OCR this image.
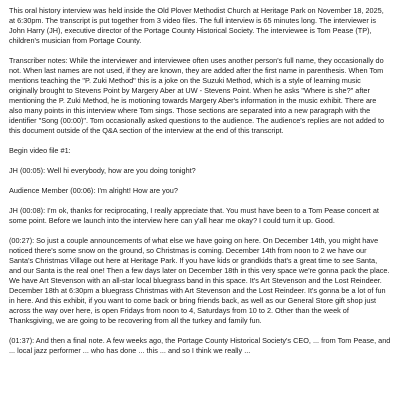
This oral history interview was held inside the Old Plover Methodist Church at Heritage Park on November 18, 2025, at 6:30pm. The transcript is put together from 3 video files. The full interview is 65 minutes long. The interviewer is John Harry (JH), executive director of the Portage County Historical Society. The interviewee is Tom Pease (TP), children's musician from Portage County.

Transcriber notes: While the interviewer and interviewee often uses another person's full name, they occasionally do not. When last names are not used, if they are known, they are added after the first name in parenthesis. When Tom mentions teaching the "P. Zuki Method" this is a joke on the Suzuki Method, which is a style of learning music originally brought to Stevens Point by Margery Aber at UW - Stevens Point. When he asks "Where is she?" after mentioning the P. Zuki Method, he is motioning towards Margery Aber's information in the music exhibit. There are also many points in this interview where Tom sings. Those sections are separated into a new paragraph with the identifier "Song (00:00)". Tom occasionally asked questions to the audience. The audience's replies are not added to this document outside of the Q&A section of the interview at the end of this transcript.

Begin video file #1:

JH (00:05): Well hi everybody, how are you doing tonight?

Audience Member (00:06): I'm alright! How are you?

JH (00:08): I'm ok, thanks for reciprocating, I really appreciate that. You must have been to a Tom Pease concert at some point. Before we launch into the interview here can y'all hear me okay? I could turn it up. Good.

(00:27): So just a couple announcements of what else we have going on here. On December 14th, you might have noticed there's some snow on the ground, so Christmas is coming. December 14th from noon to 2 we have our Santa's Christmas Village out here at Heritage Park. If you have kids or grandkids that's a great time to see Santa, and our Santa is the real one! Then a few days later on December 18th in this very space we're gonna pack the place. We have Art Stevenson with an all-star local bluegrass band in this space. It's Art Stevenson and the Lost Reindeer. December 18th at 6:30pm a bluegrass Christmas with Art Stevenson and the Lost Reindeer. It's gonna be a lot of fun in here. And this exhibit, if you want to come back or bring friends back, as well as our General Store gift shop just across the way over here, is open Fridays from noon to 4, Saturdays from 10 to 2. Other than the week of Thanksgiving, we are going to be recovering from all the turkey and family fun.

(01:37): And then a final note. A few weeks ago, the Portage County Historical Society's CEO, ... from Tom Pease, and ... local jazz performer ... who has done ... this ... and so I think we really ...
